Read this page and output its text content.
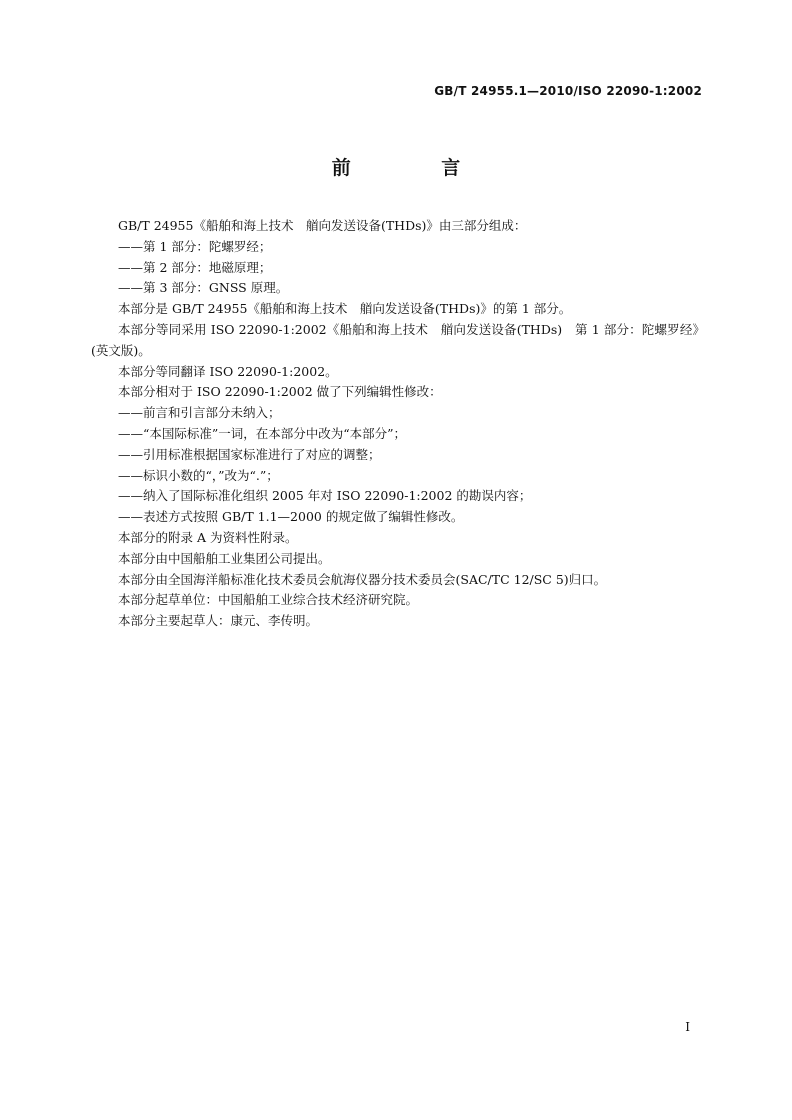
GB/T 24955.1—2010/ISO 22090-1:2002
前 言

GB/T 24955《船舶和海上技术　艏向发送设备(THDs)》由三部分组成：

——第 1 部分：陀螺罗经；

——第 2 部分：地磁原理；

——第 3 部分：GNSS 原理。

本部分是 GB/T 24955《船舶和海上技术　艏向发送设备(THDs)》的第 1 部分。

本部分等同采用 ISO 22090-1:2002《船舶和海上技术　艏向发送设备(THDs)　第 1 部分：陀螺罗经》(英文版)。

本部分等同翻译 ISO 22090-1:2002。

本部分相对于 ISO 22090-1:2002 做了下列编辑性修改：

——前言和引言部分未纳入；

——“本国际标准”一词，在本部分中改为“本部分”；

——引用标准根据国家标准进行了对应的调整；

——标识小数的“，”改为“.”；

——纳入了国际标准化组织 2005 年对 ISO 22090-1:2002 的勘误内容；

——表述方式按照 GB/T 1.1—2000 的规定做了编辑性修改。

本部分的附录 A 为资料性附录。

本部分由中国船舶工业集团公司提出。

本部分由全国海洋船标准化技术委员会航海仪器分技术委员会(SAC/TC 12/SC 5)归口。

本部分起草单位：中国船舶工业综合技术经济研究院。

本部分主要起草人：康元、李传明。

I
